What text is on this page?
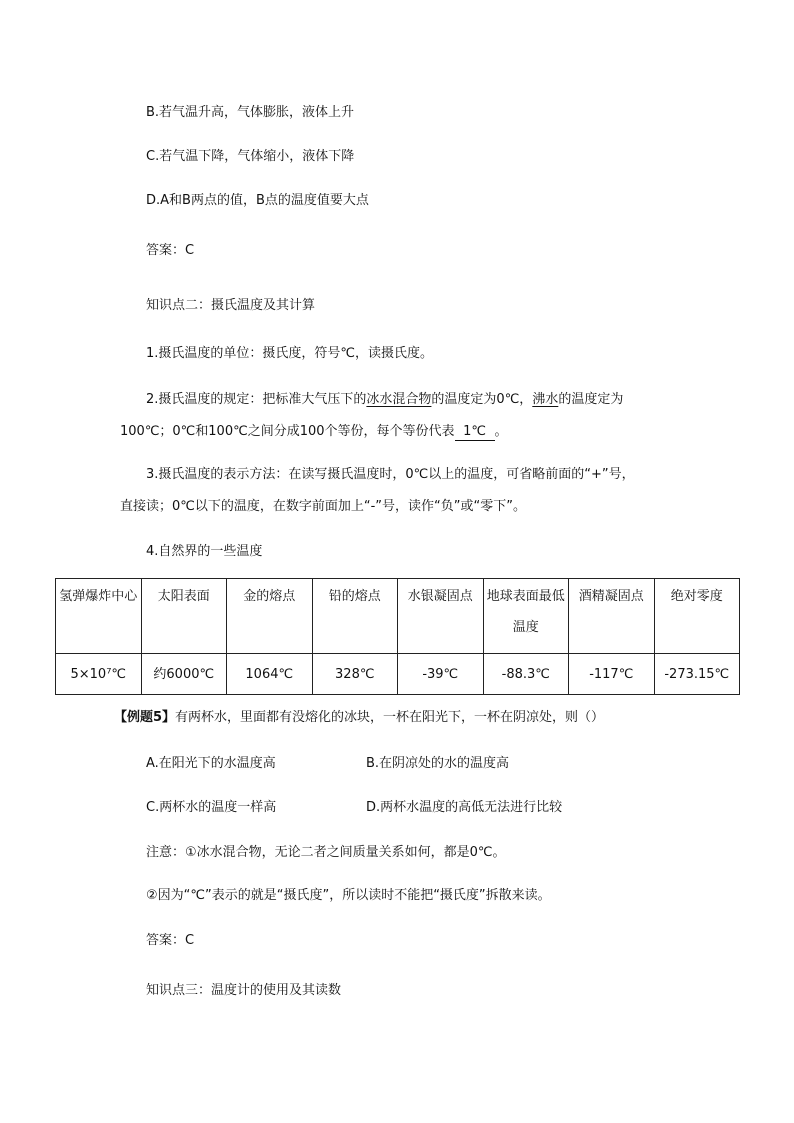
B.若气温升高，气体膨胀，液体上升
C.若气温下降，气体缩小，液体下降
D.A和B两点的值，B点的温度值要大点
答案：C
知识点二：摄氏温度及其计算
1.摄氏温度的单位：摄氏度，符号℃，读摄氏度。
2.摄氏温度的规定：把标准大气压下的冰水混合物的温度定为0℃，沸水的温度定为
100℃；0℃和100℃之间分成100个等份，每个等份代表 1℃ 。
3.摄氏温度的表示方法：在读写摄氏温度时，0℃以上的温度，可省略前面的“+”号，
直接读；0℃以下的温度，在数字前面加上“-”号，读作“负”或“零下”。
4.自然界的一些温度
氢弹爆炸中心	太阳表面	金的熔点	铅的熔点	水银凝固点	地球表面最低温度	酒精凝固点	绝对零度
5×10⁷℃	约6000℃	1064℃	328℃	-39℃	-88.3℃	-117℃	-273.15℃
【例题5】有两杯水，里面都有没熔化的冰块，一杯在阳光下，一杯在阴凉处，则（）
A.在阳光下的水温度高	B.在阴凉处的水的温度高
C.两杯水的温度一样高	D.两杯水温度的高低无法进行比较
注意：①冰水混合物，无论二者之间质量关系如何，都是0℃。
②因为“℃”表示的就是“摄氏度”，所以读时不能把“摄氏度”拆散来读。
答案：C
知识点三：温度计的使用及其读数
